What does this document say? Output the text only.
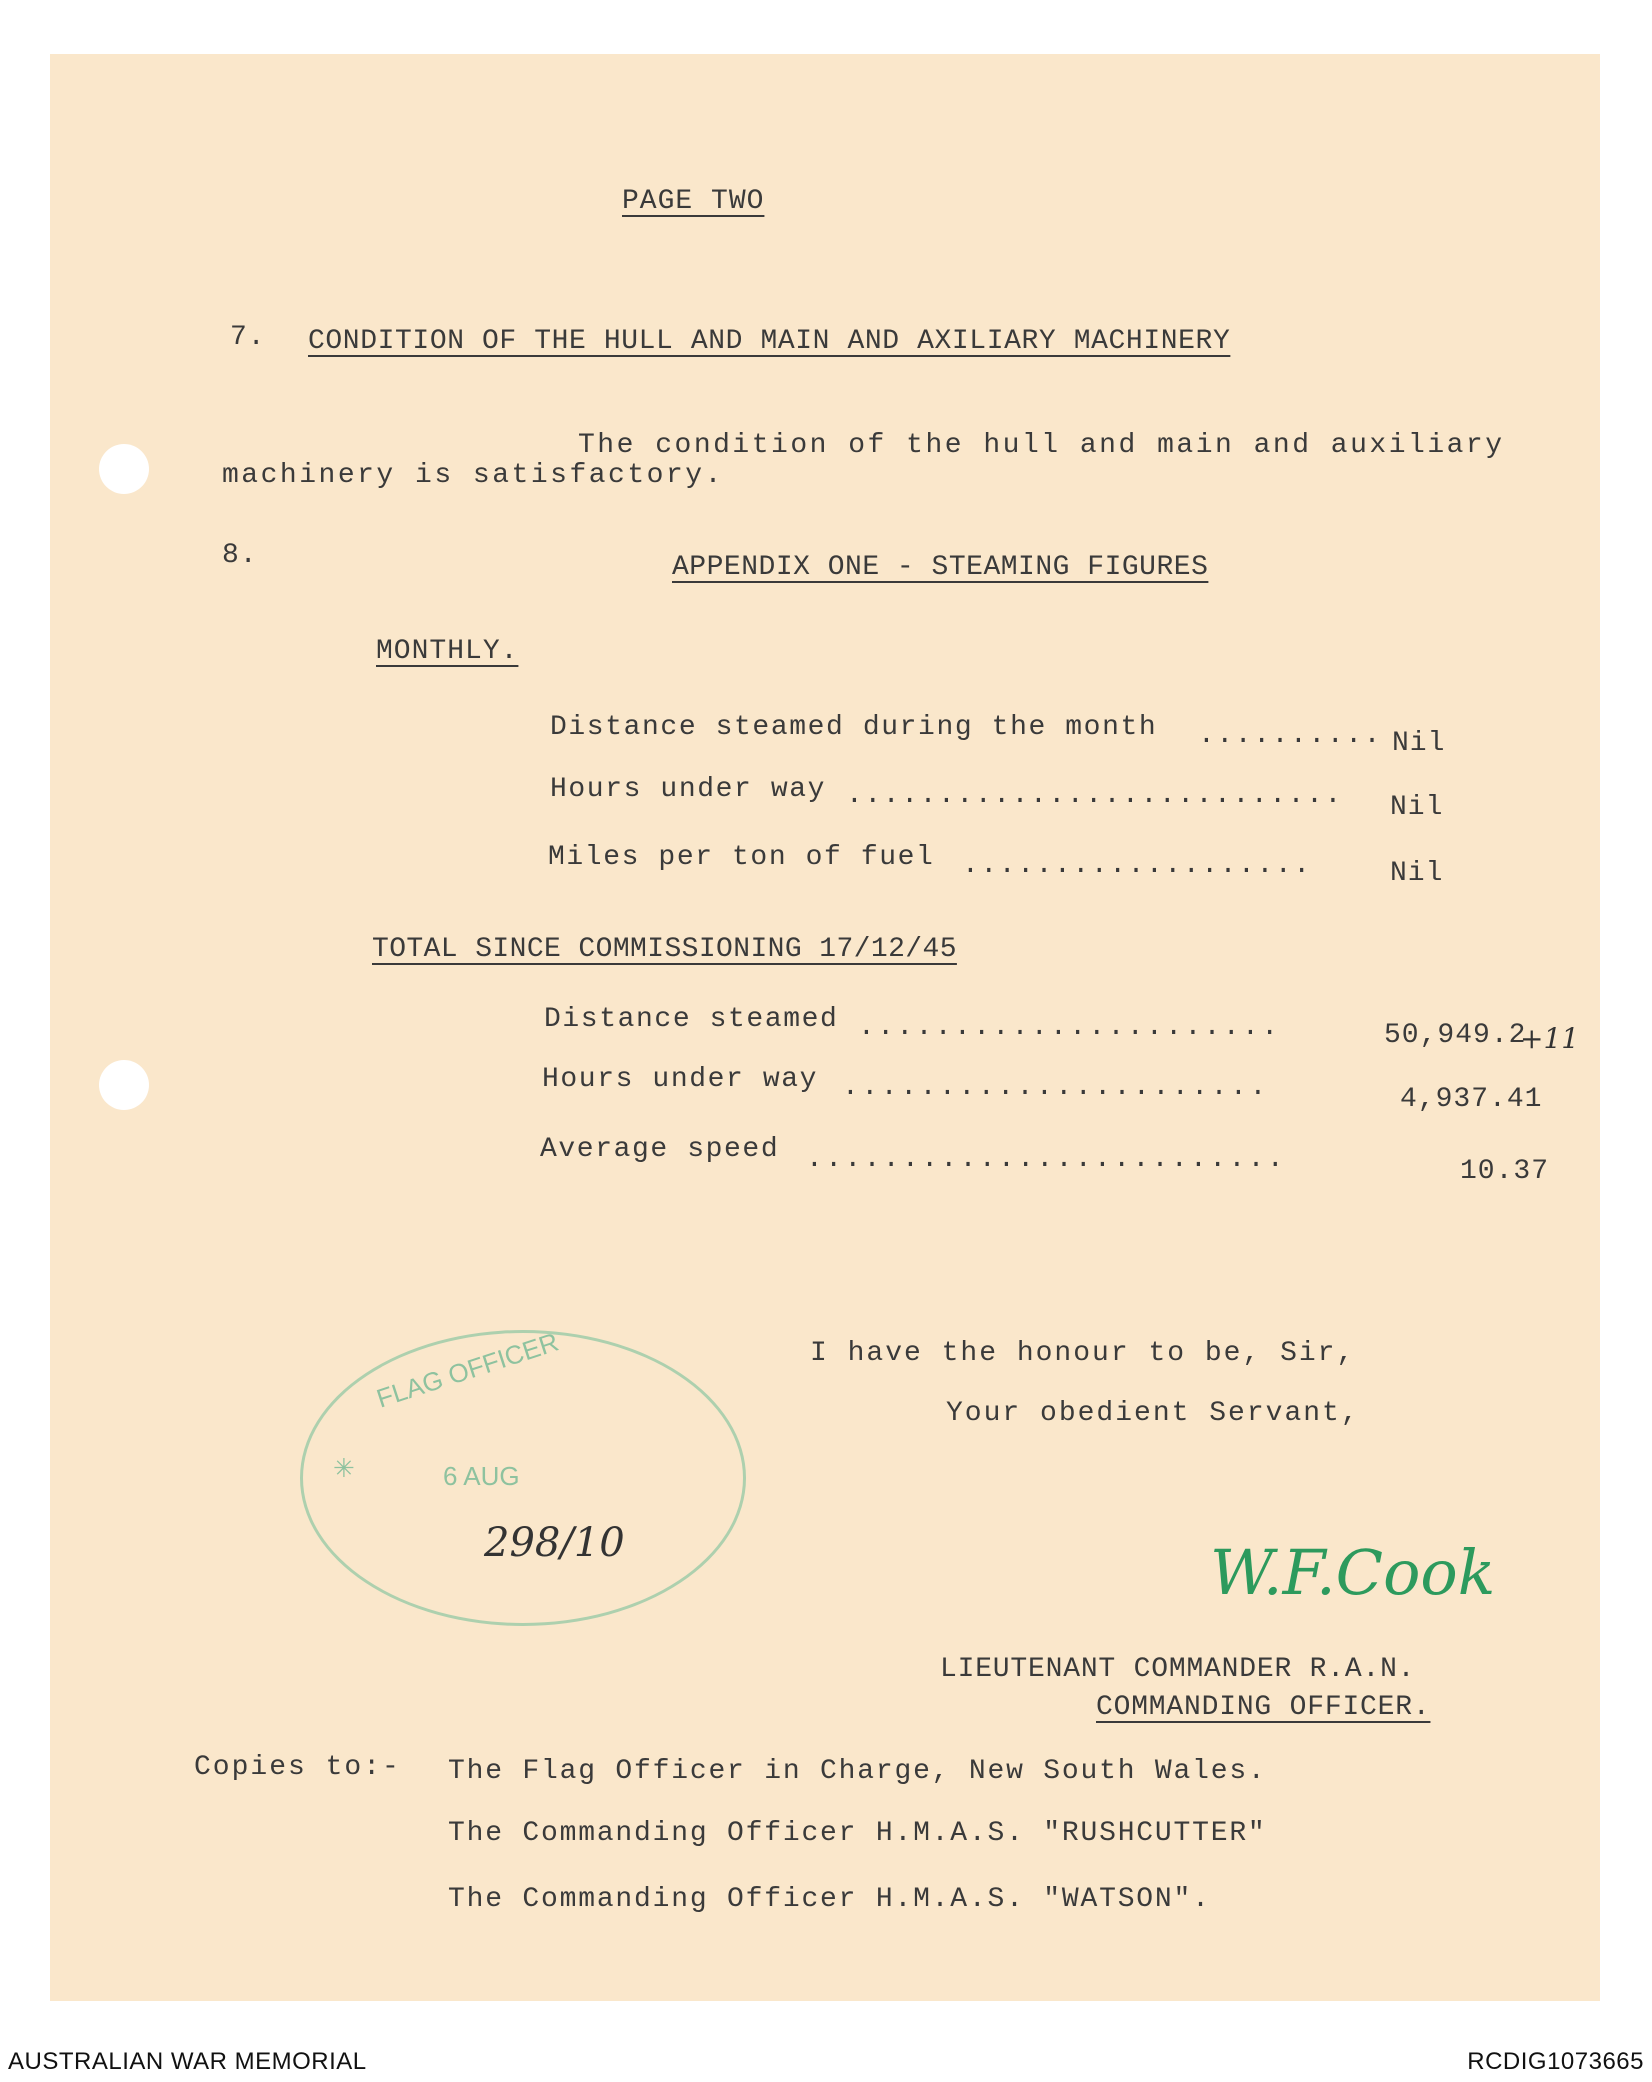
PAGE TWO
7. CONDITION OF THE HULL AND MAIN AND AXILIARY MACHINERY
The condition of the hull and main and auxiliary
machinery is satisfactory.
8.	APPENDIX ONE - STEAMING FIGURES
MONTHLY.
Distance steamed during the month .......... Nil
Hours under way ........................... Nil
Miles per ton of fuel ...................	Nil
TOTAL SINCE COMMISSIONING 17/12/45
Distance steamed ......................	50,949.2
+11
Hours under way ......................	4,937.41
Average speed .........................	10.37
I have the honour to be, Sir,
Your obedient Servant,
FLAG OFFICER
6 AUG
✳
298/10	W.F.Cook
LIEUTENANT COMMANDER R.A.N.
COMMANDING OFFICER.
Copies to:- The Flag Officer in Charge, New South Wales.
The Commanding Officer H.M.A.S. "RUSHCUTTER"
The Commanding Officer H.M.A.S. "WATSON".
AUSTRALIAN WAR MEMORIAL	RCDIG1073665
